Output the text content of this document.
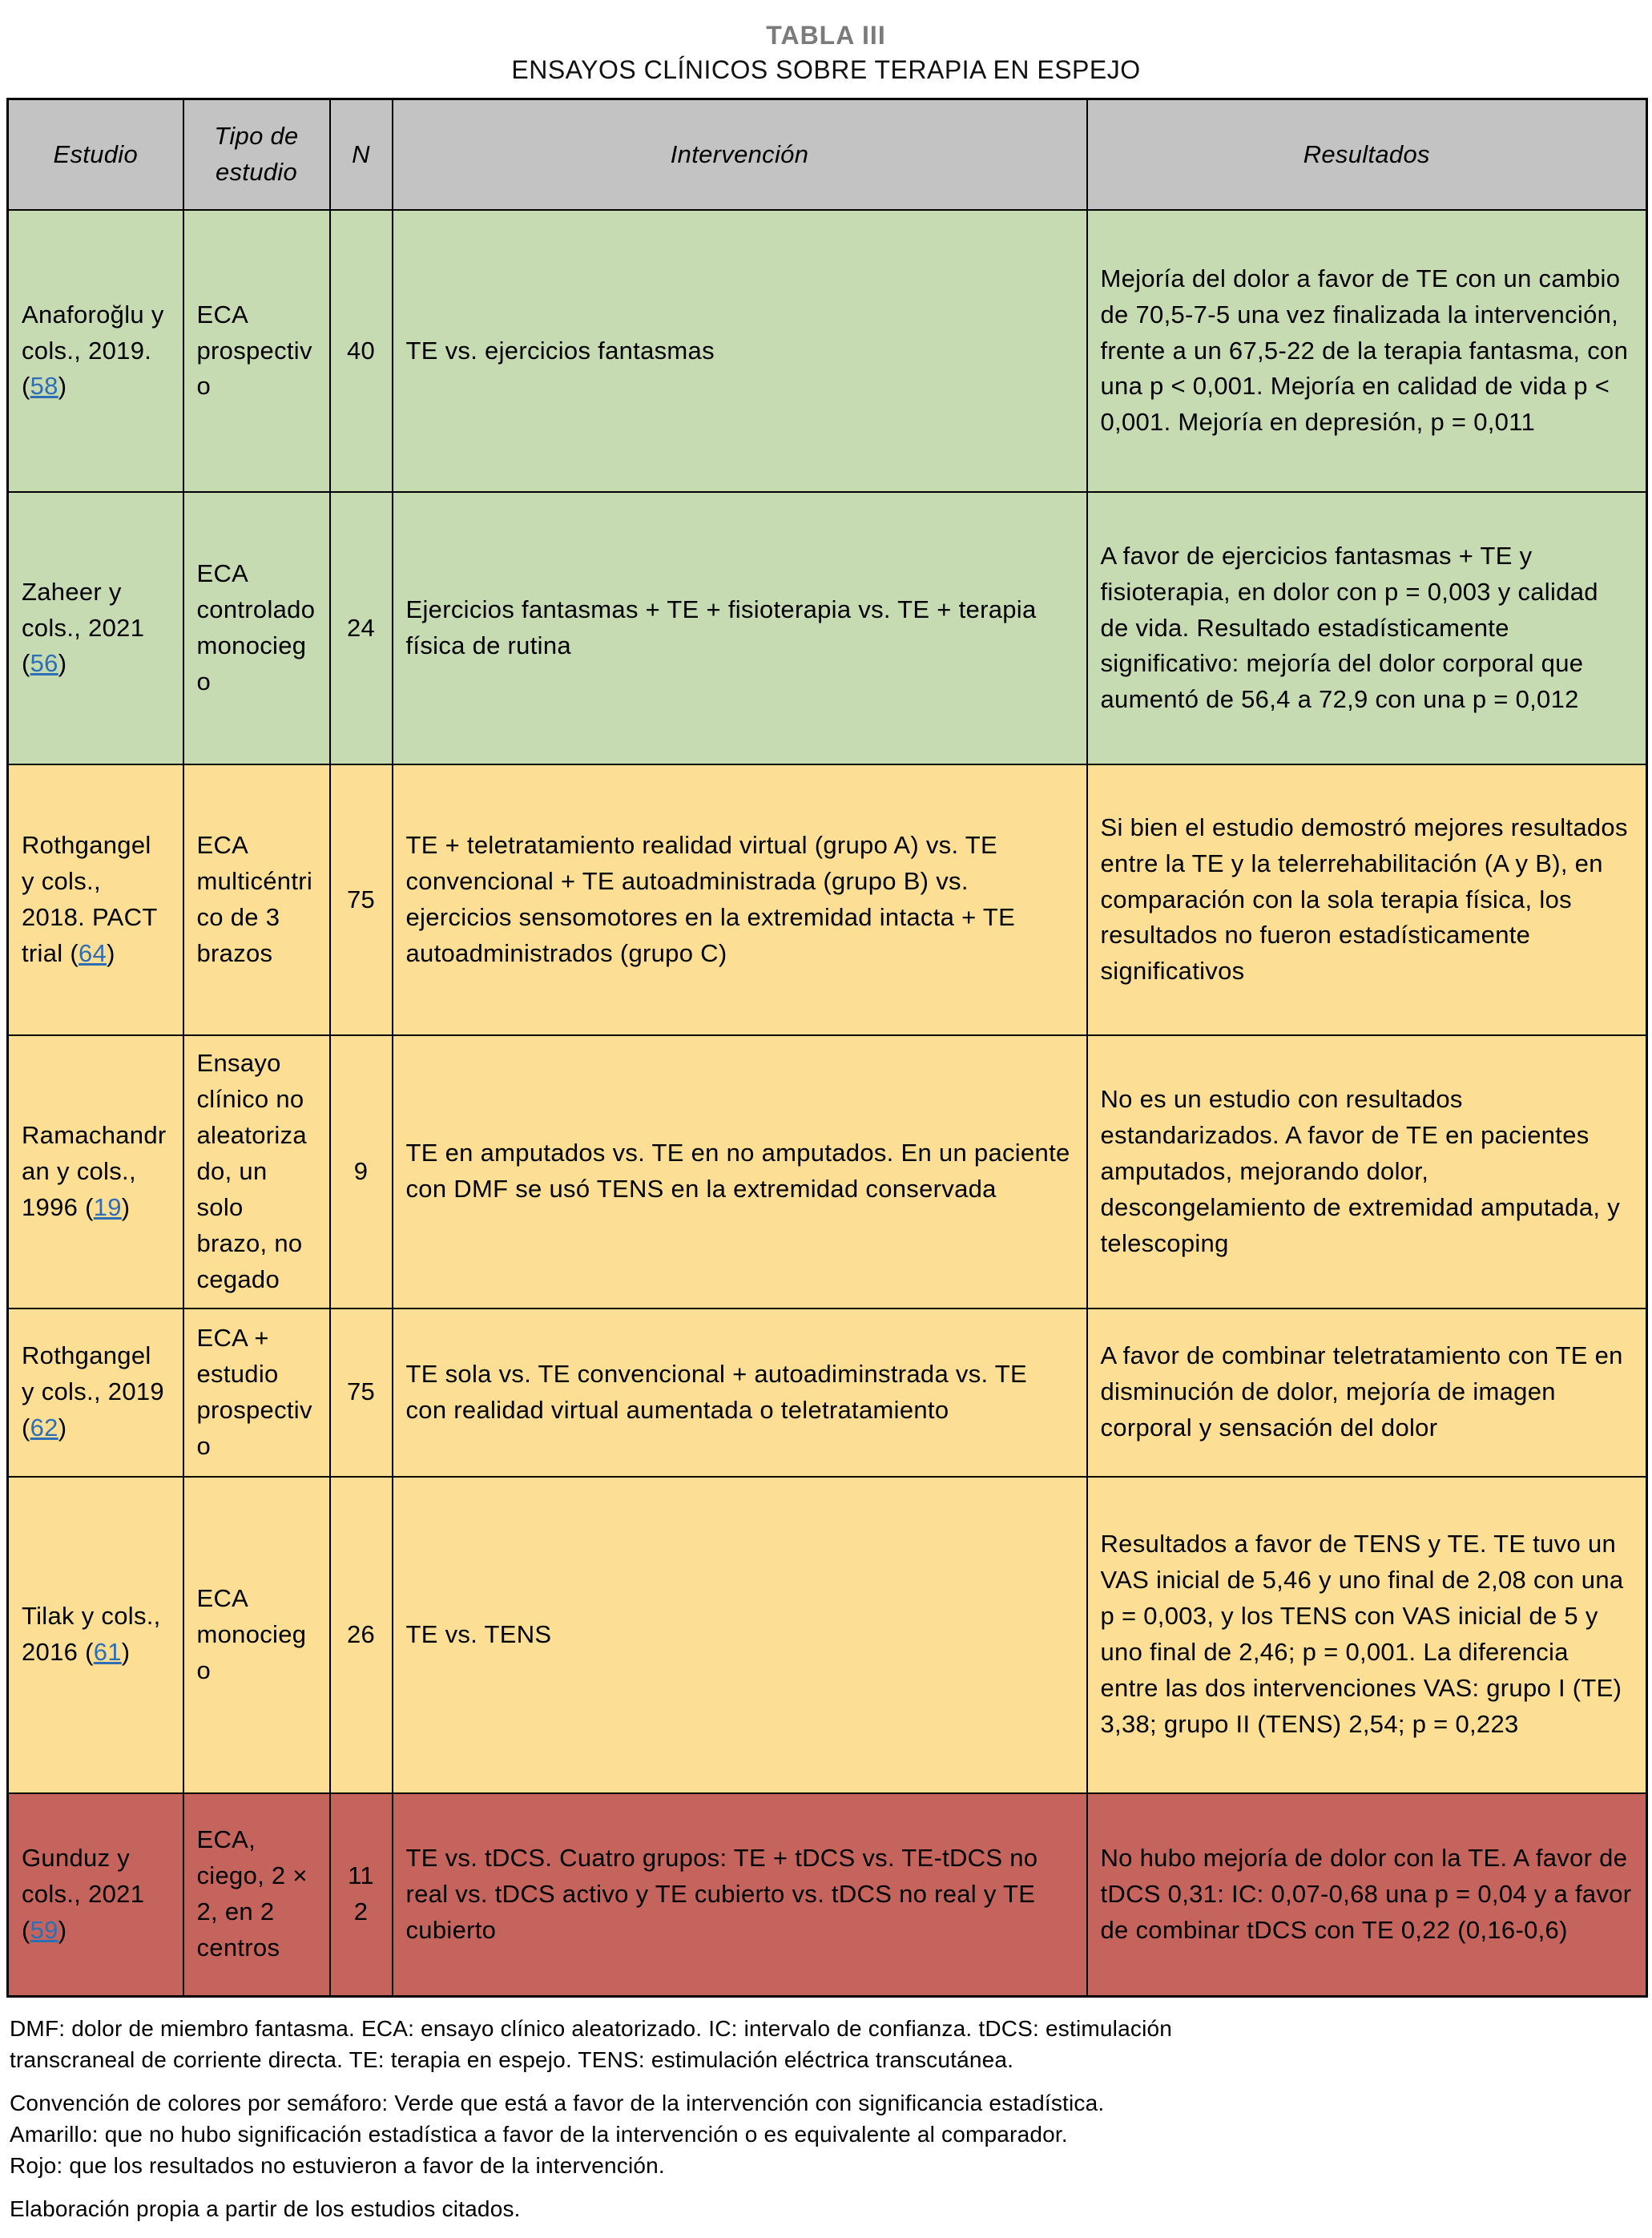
TABLA III
ENSAYOS CLÍNICOS SOBRE TERAPIA EN ESPEJO
Estudio	Tipo de estudio	N	Intervención	Resultados
Anaforoğlu y cols., 2019. (58)	ECA prospectivo	40	TE vs. ejercicios fantasmas	Mejoría del dolor a favor de TE con un cambio de 70,5-7-5 una vez finalizada la intervención, frente a un 67,5-22 de la terapia fantasma, con una p < 0,001. Mejoría en calidad de vida p < 0,001. Mejoría en depresión, p = 0,011
Zaheer y cols., 2021 (56)	ECA controlado monociego	24	Ejercicios fantasmas + TE + fisioterapia vs. TE + terapia física de rutina	A favor de ejercicios fantasmas + TE y fisioterapia, en dolor con p = 0,003 y calidad de vida. Resultado estadísticamente significativo: mejoría del dolor corporal que aumentó de 56,4 a 72,9 con una p = 0,012
Rothgangel y cols., 2018. PACT trial (64)	ECA multicéntrico de 3 brazos	75	TE + teletratamiento realidad virtual (grupo A) vs. TE convencional + TE autoadministrada (grupo B) vs. ejercicios sensomotores en la extremidad intacta + TE autoadministrados (grupo C)	Si bien el estudio demostró mejores resultados entre la TE y la telerrehabilitación (A y B), en comparación con la sola terapia física, los resultados no fueron estadísticamente significativos
Ramachandran y cols., 1996 (19)	Ensayo clínico no aleatorizado, un solo brazo, no cegado	9	TE en amputados vs. TE en no amputados. En un paciente con DMF se usó TENS en la extremidad conservada	No es un estudio con resultados estandarizados. A favor de TE en pacientes amputados, mejorando dolor, descongelamiento de extremidad amputada, y telescoping
Rothgangel y cols., 2019 (62)	ECA + estudio prospectivo	75	TE sola vs. TE convencional + autoadiminstrada vs. TE con realidad virtual aumentada o teletratamiento	A favor de combinar teletratamiento con TE en disminución de dolor, mejoría de imagen corporal y sensación del dolor
Tilak y cols., 2016 (61)	ECA monociego	26	TE vs. TENS	Resultados a favor de TENS y TE. TE tuvo un VAS inicial de 5,46 y uno final de 2,08 con una p = 0,003, y los TENS con VAS inicial de 5 y uno final de 2,46; p = 0,001. La diferencia entre las dos intervenciones VAS: grupo I (TE) 3,38; grupo II (TENS) 2,54; p = 0,223
Gunduz y cols., 2021 (59)	ECA, ciego, 2 × 2, en 2 centros	112	TE vs. tDCS. Cuatro grupos: TE + tDCS vs. TE-tDCS no real vs. tDCS activo y TE cubierto vs. tDCS no real y TE cubierto	No hubo mejoría de dolor con la TE. A favor de tDCS 0,31: IC: 0,07-0,68 una p = 0,04 y a favor de combinar tDCS con TE 0,22 (0,16-0,6)
DMF: dolor de miembro fantasma. ECA: ensayo clínico aleatorizado. IC: intervalo de confianza. tDCS: estimulación transcraneal de corriente directa. TE: terapia en espejo. TENS: estimulación eléctrica transcutánea.
Convención de colores por semáforo: Verde que está a favor de la intervención con significancia estadística.
Amarillo: que no hubo significación estadística a favor de la intervención o es equivalente al comparador.
Rojo: que los resultados no estuvieron a favor de la intervención.
Elaboración propia a partir de los estudios citados.
